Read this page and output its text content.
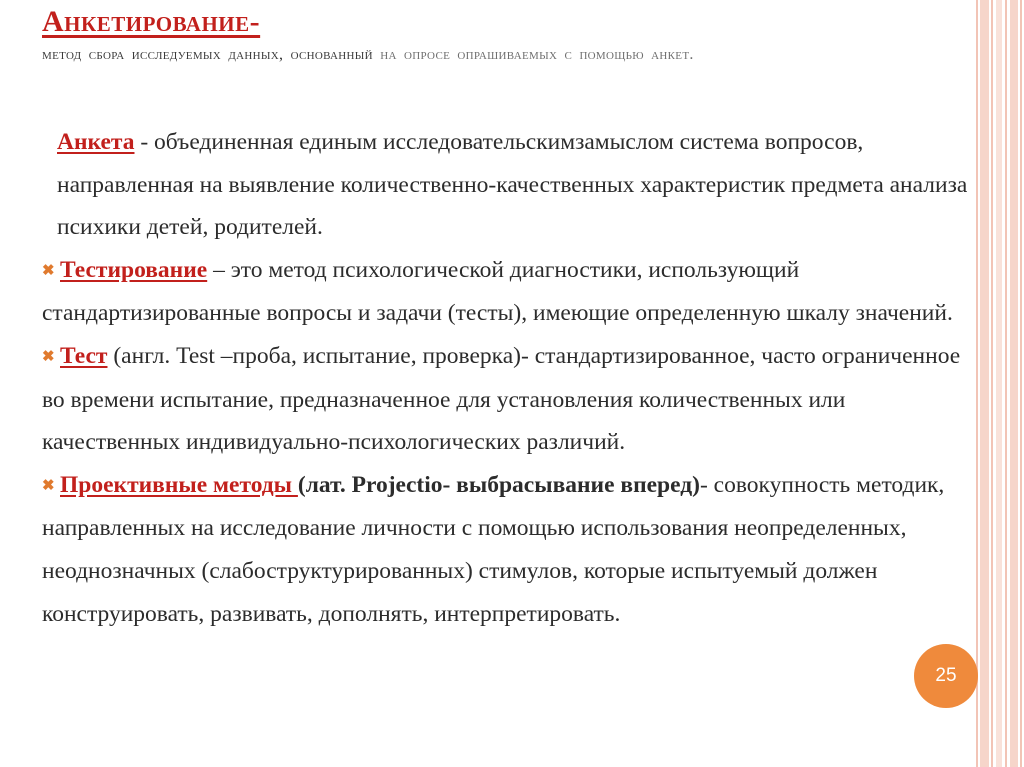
Анкетирование-
метод сбора исследуемых данных, основанный на опросе опрашиваемых с помощью анкет.

Анкета - объединенная единым исследовательскимзамыслом система вопросов, направленная на выявление количественно-качественных характеристик предмета анализа психики детей, родителей.

✖ Тестирование – это метод психологической диагностики, использующий стандартизированные вопросы и задачи (тесты), имеющие определенную шкалу значений.

✖ Тест (англ. Test –проба, испытание, проверка)- стандартизированное, часто ограниченное во времени испытание, предназначенное для установления количественных или качественных индивидуально-психологических различий.

✖ Проективные методы (лат. Projectio- выбрасывание вперед)- совокупность методик, направленных на исследование личности с помощью использования неопределенных, неоднозначных (слабоструктурированных) стимулов, которые испытуемый должен конструировать, развивать, дополнять, интерпретировать.

25
